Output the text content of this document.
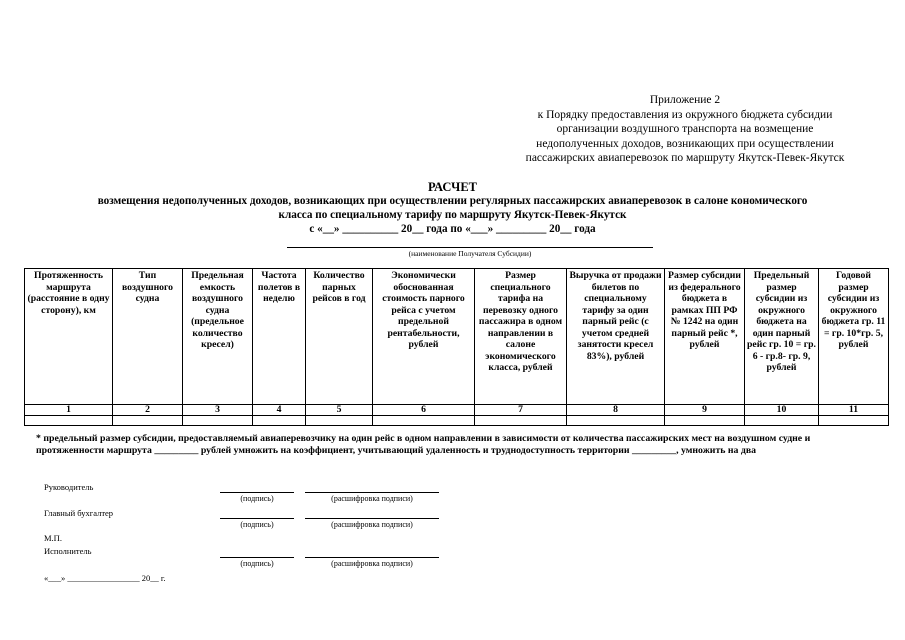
Приложение 2
к Порядку предоставления из окружного бюджета субсидии
организации воздушного транспорта на возмещение
недополученных доходов, возникающих при осуществлении
пассажирских авиаперевозок по маршруту Якутск-Певек-Якутск
РАСЧЕТ
возмещения недополученных доходов, возникающих при осуществлении регулярных пассажирских авиаперевозок в салоне кономического
класса по специальному тарифу по маршруту Якутск-Певек-Якутск
с «__» __________ 20__ года по «___» _________ 20__ года
(наименование Получателя Субсидии)
Протяженность маршрута (расстояние в одну сторону), км	Тип воздушного судна	Предельная емкость воздушного судна (предельное количество кресел)	Частота полетов в неделю	Количество парных рейсов в год	Экономически обоснованная стоимость парного рейса с учетом предельной рентабельности, рублей	Размер специального тарифа на перевозку одного пассажира в одном направлении в салоне экономического класса, рублей	Выручка от продажи билетов по специальному тарифу за один парный рейс (с учетом средней занятости кресел 83%), рублей	Размер субсидии из федерального бюджета в рамках ПП РФ № 1242 на один парный рейс *, рублей	Предельный размер субсидии из окружного бюджета на один парный рейс гр. 10 = гр. 6 - гр.8- гр. 9, рублей	Годовой размер субсидии из окружного бюджета гр. 11 = гр. 10*гр. 5, рублей
1	2	3	4	5	6	7	8	9	10	11

* предельный размер субсидии, предоставляемый авиаперевозчику на один рейс в одном направлении в зависимости от количества пассажирских мест на воздушном судне и протяженности маршрута _________ рублей умножить на коэффициент, учитывающий удаленность и труднодоступность территории _________, умножить на два
Руководитель
(подпись)	(расшифровка подписи)
Главный бухгалтер
(подпись)	(расшифровка подписи)
М.П.
Исполнитель
(подпись)	(расшифровка подписи)
«___» _________________ 20__ г.
